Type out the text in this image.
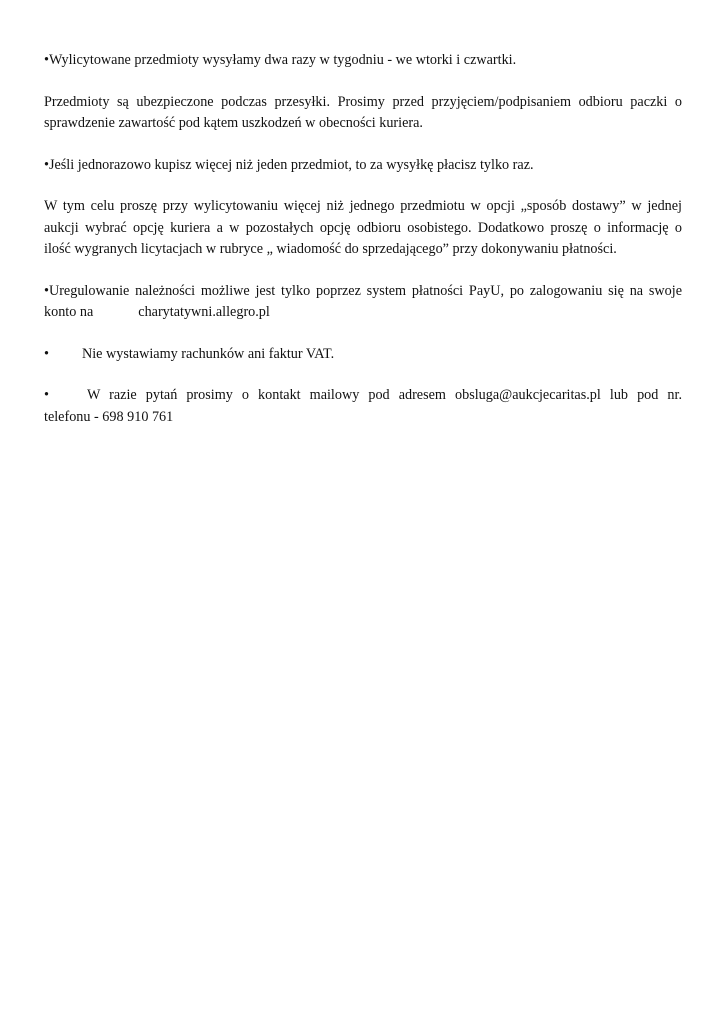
•Wylicytowane przedmioty wysyłamy dwa razy w tygodniu - we wtorki i czwartki.

Przedmioty są ubezpieczone podczas przesyłki. Prosimy przed przyjęciem/podpisaniem odbioru paczki o
sprawdzenie zawartość pod kątem uszkodzeń w obecności kuriera.

•Jeśli jednorazowo kupisz więcej niż jeden przedmiot, to za wysyłkę płacisz tylko raz.

W tym celu proszę przy wylicytowaniu więcej niż jednego przedmiotu w opcji „sposób dostawy” w jednej
aukcji wybrać opcję kuriera a w pozostałych opcję odbioru osobistego. Dodatkowo proszę o informację o
ilość wygranych licytacjach w rubryce „ wiadomość do sprzedającego” przy dokonywaniu płatności.

•Uregulowanie należności możliwe jest tylko poprzez system płatności PayU, po zalogowaniu się na swoje
konto na	charytatywni.allegro.pl

• Nie wystawiamy rachunków ani faktur VAT.

•	W razie pytań prosimy o kontakt mailowy pod adresem obsluga@aukcjecaritas.pl lub pod nr.
telefonu - 698 910 761
